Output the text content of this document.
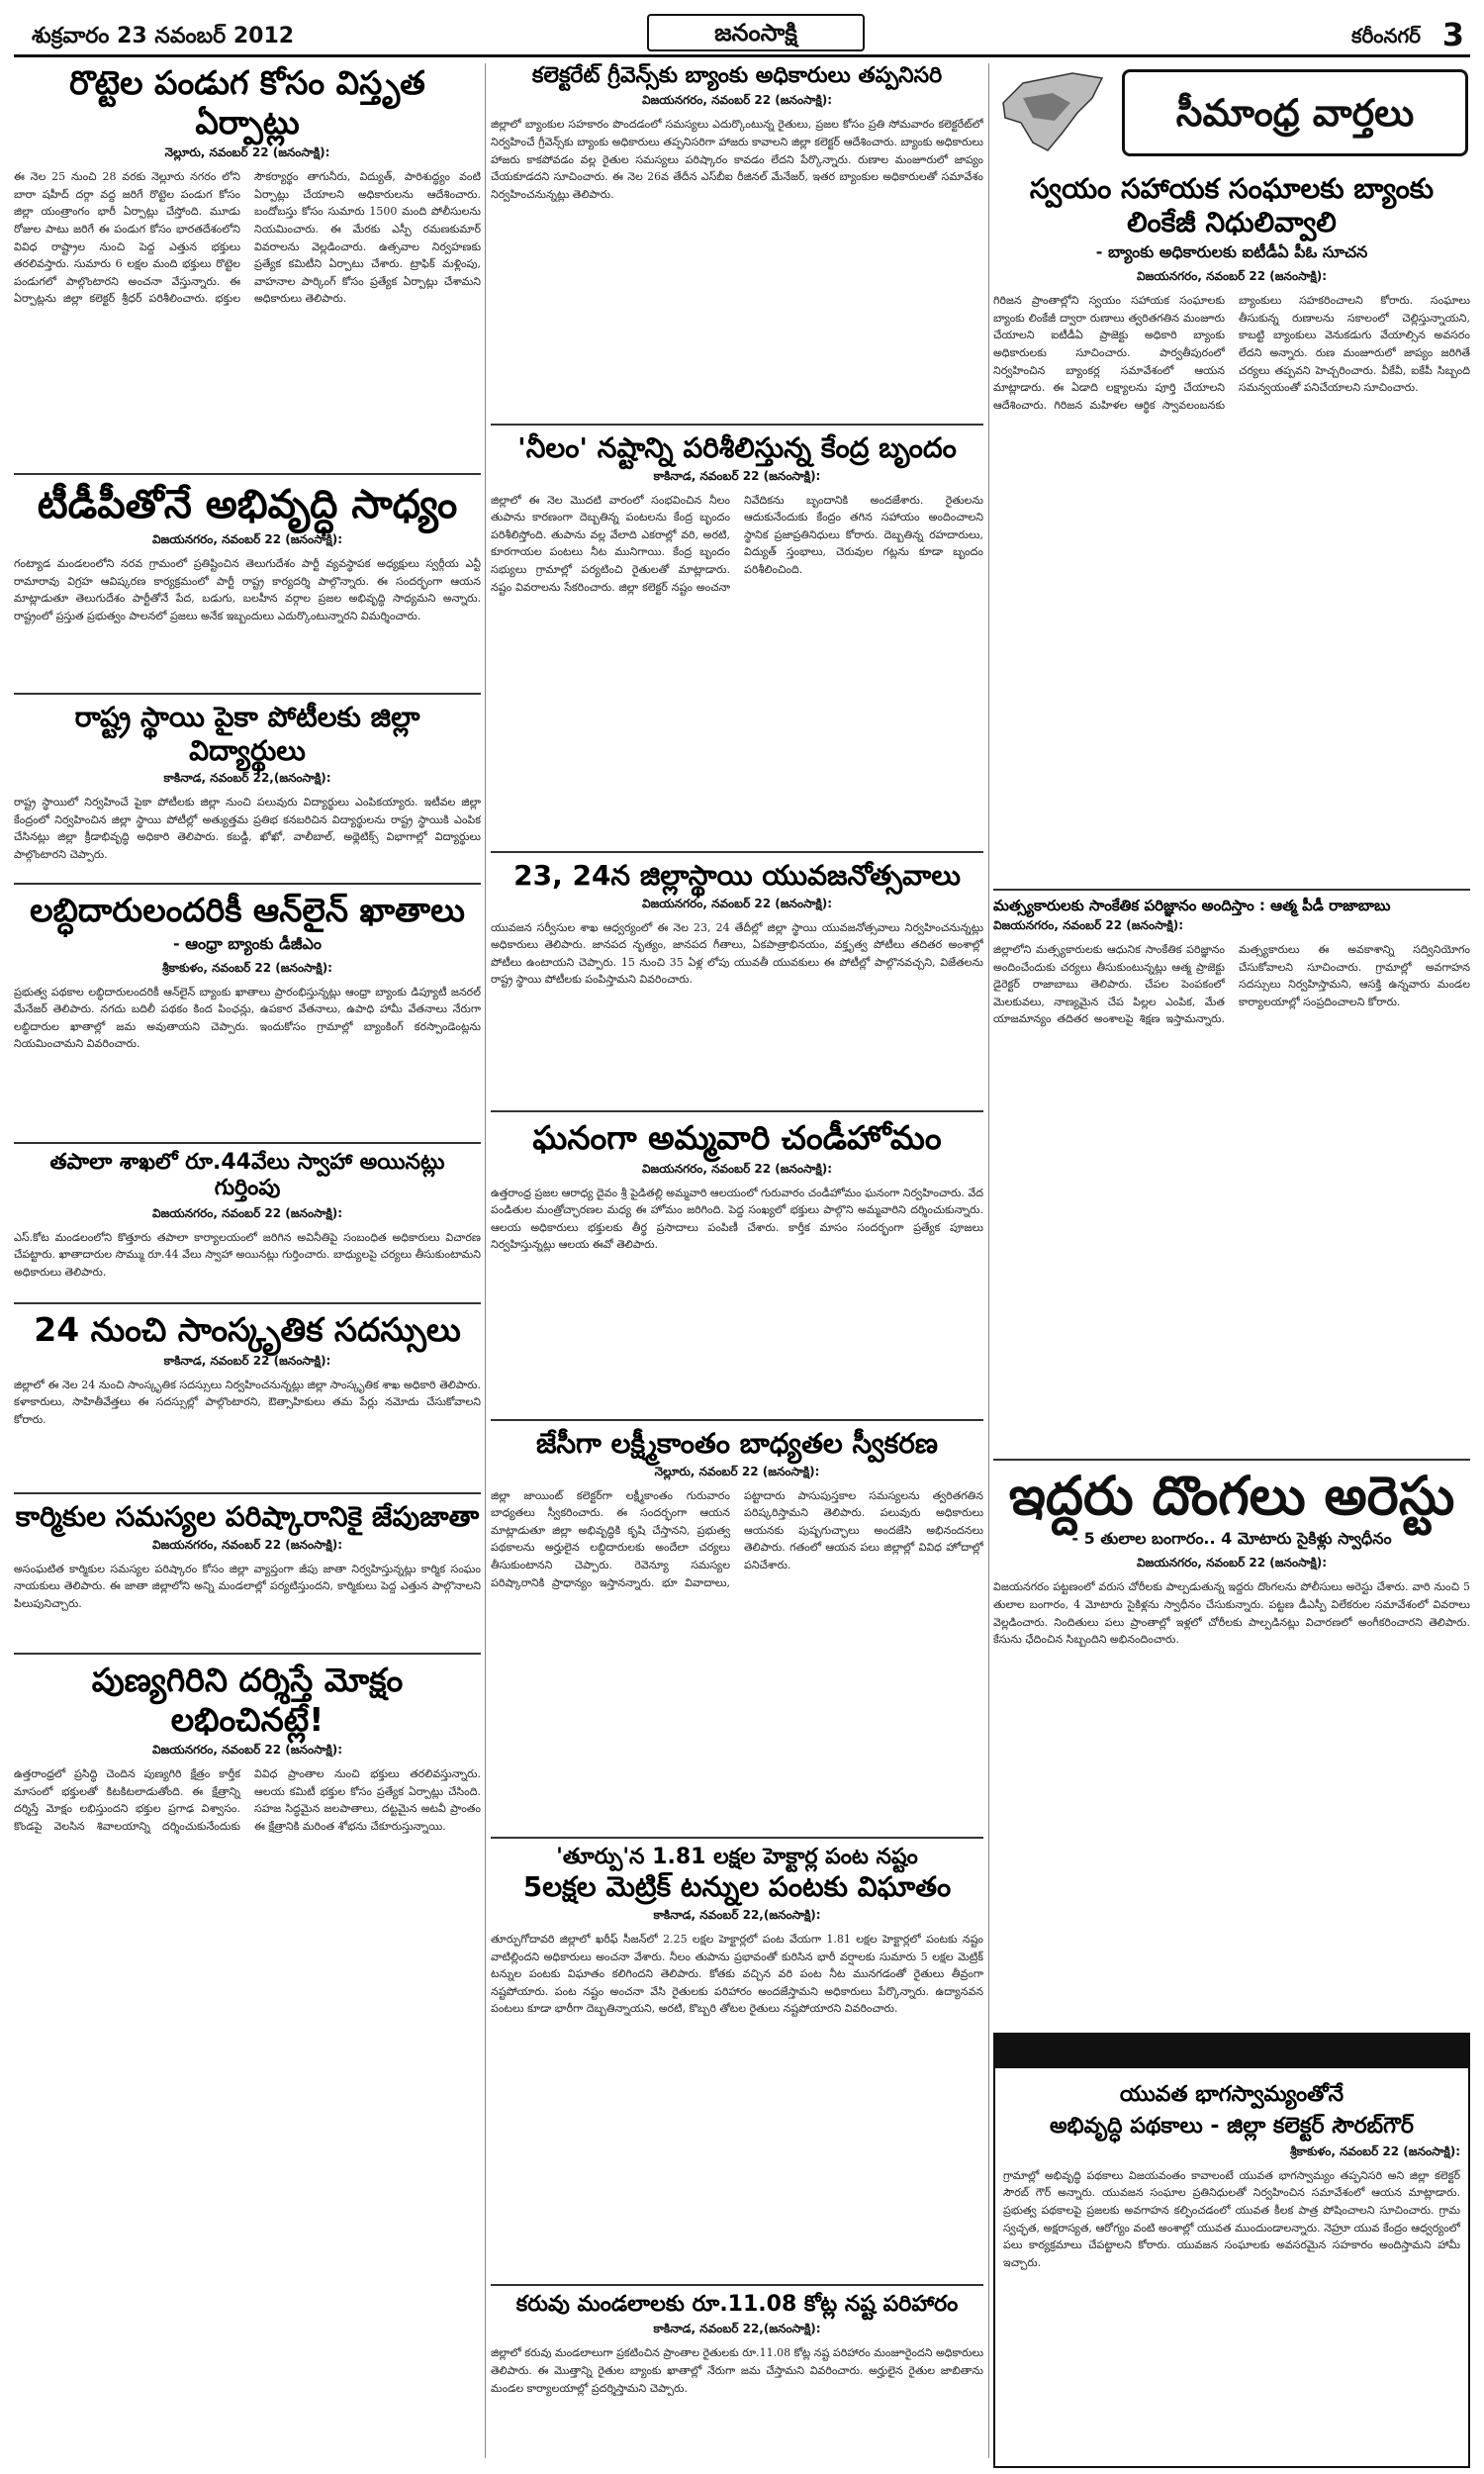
శుక్రవారం 23 నవంబర్ 2012	జనంసాక్షి	కరీంనగర్ 3
రొట్టెల పండుగ కోసం విస్తృత ఏర్పాట్లు
నెల్లూరు, నవంబర్ 22 (జనంసాక్షి):
ఈ నెల 25 నుంచి 28 వరకు నెల్లూరు నగరం లోని బారా షహీద్ దర్గా వద్ద జరిగే రొట్టెల పండుగ కోసం జిల్లా యంత్రాంగం భారీ ఏర్పాట్లు చేస్తోంది. మూడు రోజుల పాటు జరిగే ఈ పండుగ కోసం భారతదేశంలోని వివిధ రాష్ట్రాల నుంచి పెద్ద ఎత్తున భక్తులు తరలివస్తారు. సుమారు 6 లక్షల మంది భక్తులు రొట్టెల పండుగలో పాల్గొంటారని అంచనా వేస్తున్నారు. ఈ ఏర్పాట్లను జిల్లా కలెక్టర్ శ్రీధర్ పరిశీలించారు. భక్తుల సౌకర్యార్థం తాగునీరు, విద్యుత్, పారిశుద్ధ్యం వంటి ఏర్పాట్లు చేయాలని అధికారులను ఆదేశించారు. బందోబస్తు కోసం సుమారు 1500 మంది పోలీసులను నియమించారు. ఈ మేరకు ఎస్పీ రమణకుమార్ వివరాలను వెల్లడించారు. ఉత్సవాల నిర్వహణకు ప్రత్యేక కమిటీని ఏర్పాటు చేశారు. ట్రాఫిక్ మళ్లింపు, వాహనాల పార్కింగ్ కోసం ప్రత్యేక ఏర్పాట్లు చేశామని అధికారులు తెలిపారు.
టీడీపీతోనే అభివృద్ధి సాధ్యం
విజయనగరం, నవంబర్ 22 (జనంసాక్షి):
గంట్యాడ మండలంలోని నరవ గ్రామంలో ప్రతిష్టించిన తెలుగుదేశం పార్టీ వ్యవస్థాపక అధ్యక్షులు స్వర్గీయ ఎన్టీ రామారావు విగ్రహ ఆవిష్కరణ కార్యక్రమంలో పార్టీ రాష్ట్ర కార్యదర్శి పాల్గొన్నారు. ఈ సందర్భంగా ఆయన మాట్లాడుతూ తెలుగుదేశం పార్టీతోనే పేద, బడుగు, బలహీన వర్గాల ప్రజల అభివృద్ధి సాధ్యమని అన్నారు. రాష్ట్రంలో ప్రస్తుత ప్రభుత్వం పాలనలో ప్రజలు అనేక ఇబ్బందులు ఎదుర్కొంటున్నారని విమర్శించారు.
రాష్ట్ర స్థాయి పైకా పోటీలకు జిల్లా విద్యార్థులు
కాకినాడ, నవంబర్ 22,(జనంసాక్షి):
రాష్ట్ర స్థాయిలో నిర్వహించే పైకా పోటీలకు జిల్లా నుంచి పలువురు విద్యార్థులు ఎంపికయ్యారు. ఇటీవల జిల్లా కేంద్రంలో నిర్వహించిన జిల్లా స్థాయి పోటీల్లో అత్యుత్తమ ప్రతిభ కనబరిచిన విద్యార్థులను రాష్ట్ర స్థాయికి ఎంపిక చేసినట్లు జిల్లా క్రీడాభివృద్ధి అధికారి తెలిపారు. కబడ్డీ, ఖోఖో, వాలీబాల్, అథ్లెటిక్స్ విభాగాల్లో విద్యార్థులు పాల్గొంటారని చెప్పారు.
లబ్ధిదారులందరికీ ఆన్‌లైన్ ఖాతాలు
- ఆంధ్రా బ్యాంకు డీజీఎం
శ్రీకాకుళం, నవంబర్ 22 (జనంసాక్షి):
ప్రభుత్వ పథకాల లబ్ధిదారులందరికీ ఆన్‌లైన్ బ్యాంకు ఖాతాలు ప్రారంభిస్తున్నట్లు ఆంధ్రా బ్యాంకు డిప్యూటీ జనరల్ మేనేజర్ తెలిపారు. నగదు బదిలీ పథకం కింద పింఛన్లు, ఉపకార వేతనాలు, ఉపాధి హామీ వేతనాలు నేరుగా లబ్ధిదారుల ఖాతాల్లో జమ అవుతాయని చెప్పారు. ఇందుకోసం గ్రామాల్లో బ్యాంకింగ్ కరస్పాండెంట్లను నియమించామని వివరించారు.
తపాలా శాఖలో రూ.44వేలు స్వాహా అయినట్లు గుర్తింపు
విజయనగరం, నవంబర్ 22 (జనంసాక్షి):
ఎస్.కోట మండలంలోని కొత్తూరు తపాలా కార్యాలయంలో జరిగిన అవినీతిపై సంబంధిత అధికారులు విచారణ చేపట్టారు. ఖాతాదారుల సొమ్ము రూ.44 వేలు స్వాహా అయినట్లు గుర్తించారు. బాధ్యులపై చర్యలు తీసుకుంటామని అధికారులు తెలిపారు.
24 నుంచి సాంస్కృతిక సదస్సులు
కాకినాడ, నవంబర్ 22 (జనంసాక్షి):
జిల్లాలో ఈ నెల 24 నుంచి సాంస్కృతిక సదస్సులు నిర్వహించనున్నట్లు జిల్లా సాంస్కృతిక శాఖ అధికారి తెలిపారు. కళాకారులు, సాహితీవేత్తలు ఈ సదస్సుల్లో పాల్గొంటారని, ఔత్సాహికులు తమ పేర్లు నమోదు చేసుకోవాలని కోరారు.
కార్మికుల సమస్యల పరిష్కారానికై జేపుజాతా
విజయనగరం, నవంబర్ 22 (జనంసాక్షి):
అసంఘటిత కార్మికుల సమస్యల పరిష్కారం కోసం జిల్లా వ్యాప్తంగా జీపు జాతా నిర్వహిస్తున్నట్లు కార్మిక సంఘం నాయకులు తెలిపారు. ఈ జాతా జిల్లాలోని అన్ని మండలాల్లో పర్యటిస్తుందని, కార్మికులు పెద్ద ఎత్తున పాల్గొనాలని పిలుపునిచ్చారు.
పుణ్యగిరిని దర్శిస్తే మోక్షం లభించినట్లే!
విజయనగరం, నవంబర్ 22 (జనంసాక్షి):
ఉత్తరాంధ్రలో ప్రసిద్ధి చెందిన పుణ్యగిరి క్షేత్రం కార్తీక మాసంలో భక్తులతో కిటకిటలాడుతోంది. ఈ క్షేత్రాన్ని దర్శిస్తే మోక్షం లభిస్తుందని భక్తుల ప్రగాఢ విశ్వాసం. కొండపై వెలసిన శివాలయాన్ని దర్శించుకునేందుకు వివిధ ప్రాంతాల నుంచి భక్తులు తరలివస్తున్నారు. ఆలయ కమిటీ భక్తుల కోసం ప్రత్యేక ఏర్పాట్లు చేసింది. సహజ సిద్ధమైన జలపాతాలు, దట్టమైన అటవీ ప్రాంతం ఈ క్షేత్రానికి మరింత శోభను చేకూరుస్తున్నాయి.
కలెక్టరేట్ గ్రీవెన్స్‌కు బ్యాంకు అధికారులు తప్పనిసరి
విజయనగరం, నవంబర్ 22 (జనంసాక్షి):
జిల్లాలో బ్యాంకుల సహకారం పొందడంలో సమస్యలు ఎదుర్కొంటున్న రైతులు, ప్రజల కోసం ప్రతి సోమవారం కలెక్టరేట్‌లో నిర్వహించే గ్రీవెన్స్‌కు బ్యాంకు అధికారులు తప్పనిసరిగా హాజరు కావాలని జిల్లా కలెక్టర్ ఆదేశించారు. బ్యాంకు అధికారులు హాజరు కాకపోవడం వల్ల రైతుల సమస్యలు పరిష్కారం కావడం లేదని పేర్కొన్నారు. రుణాల మంజూరులో జాప్యం చేయకూడదని సూచించారు. ఈ నెల 26వ తేదీన ఎస్‌బీఐ రీజినల్ మేనేజర్, ఇతర బ్యాంకుల అధికారులతో సమావేశం నిర్వహించనున్నట్లు తెలిపారు.
'నీలం' నష్టాన్ని పరిశీలిస్తున్న కేంద్ర బృందం
కాకినాడ, నవంబర్ 22 (జనంసాక్షి):
జిల్లాలో ఈ నెల మొదటి వారంలో సంభవించిన నీలం తుపాను కారణంగా దెబ్బతిన్న పంటలను కేంద్ర బృందం పరిశీలిస్తోంది. తుపాను వల్ల వేలాది ఎకరాల్లో వరి, అరటి, కూరగాయల పంటలు నీట మునిగాయి. కేంద్ర బృందం సభ్యులు గ్రామాల్లో పర్యటించి రైతులతో మాట్లాడారు. నష్టం వివరాలను సేకరించారు. జిల్లా కలెక్టర్ నష్టం అంచనా నివేదికను బృందానికి అందజేశారు. రైతులను ఆదుకునేందుకు కేంద్రం తగిన సహాయం అందించాలని స్థానిక ప్రజాప్రతినిధులు కోరారు. దెబ్బతిన్న రహదారులు, విద్యుత్ స్తంభాలు, చెరువుల గట్లను కూడా బృందం పరిశీలించింది.
23, 24న జిల్లాస్థాయి యువజనోత్సవాలు
విజయనగరం, నవంబర్ 22 (జనంసాక్షి):
యువజన సర్వీసుల శాఖ ఆధ్వర్యంలో ఈ నెల 23, 24 తేదీల్లో జిల్లా స్థాయి యువజనోత్సవాలు నిర్వహించనున్నట్లు అధికారులు తెలిపారు. జానపద నృత్యం, జానపద గీతాలు, ఏకపాత్రాభినయం, వక్తృత్వ పోటీలు తదితర అంశాల్లో పోటీలు ఉంటాయని చెప్పారు. 15 నుంచి 35 ఏళ్ల లోపు యువతీ యువకులు ఈ పోటీల్లో పాల్గొనవచ్చని, విజేతలను రాష్ట్ర స్థాయి పోటీలకు పంపిస్తామని వివరించారు.
ఘనంగా అమ్మవారి చండీహోమం
విజయనగరం, నవంబర్ 22 (జనంసాక్షి):
ఉత్తరాంధ్ర ప్రజల ఆరాధ్య దైవం శ్రీ పైడితల్లి అమ్మవారి ఆలయంలో గురువారం చండీహోమం ఘనంగా నిర్వహించారు. వేద పండితుల మంత్రోచ్ఛారణల మధ్య ఈ హోమం జరిగింది. పెద్ద సంఖ్యలో భక్తులు పాల్గొని అమ్మవారిని దర్శించుకున్నారు. ఆలయ అధికారులు భక్తులకు తీర్థ ప్రసాదాలు పంపిణీ చేశారు. కార్తీక మాసం సందర్భంగా ప్రత్యేక పూజలు నిర్వహిస్తున్నట్లు ఆలయ ఈవో తెలిపారు.
జేసీగా లక్ష్మీకాంతం బాధ్యతల స్వీకరణ
నెల్లూరు, నవంబర్ 22 (జనంసాక్షి):
జిల్లా జాయింట్ కలెక్టర్‌గా లక్ష్మీకాంతం గురువారం బాధ్యతలు స్వీకరించారు. ఈ సందర్భంగా ఆయన మాట్లాడుతూ జిల్లా అభివృద్ధికి కృషి చేస్తానని, ప్రభుత్వ పథకాలను అర్హులైన లబ్ధిదారులకు అందేలా చర్యలు తీసుకుంటానని చెప్పారు. రెవెన్యూ సమస్యల పరిష్కారానికి ప్రాధాన్యం ఇస్తానన్నారు. భూ వివాదాలు, పట్టాదారు పాసుపుస్తకాల సమస్యలను త్వరితగతిన పరిష్కరిస్తామని తెలిపారు. పలువురు అధికారులు ఆయనకు పుష్పగుచ్ఛాలు అందజేసి అభినందనలు తెలిపారు. గతంలో ఆయన పలు జిల్లాల్లో వివిధ హోదాల్లో పనిచేశారు.
'తూర్పు'న 1.81 లక్షల హెక్టార్ల పంట నష్టం
5లక్షల మెట్రిక్ టన్నుల పంటకు విఘాతం
కాకినాడ, నవంబర్ 22,(జనంసాక్షి):
తూర్పుగోదావరి జిల్లాలో ఖరీఫ్ సీజన్‌లో 2.25 లక్షల హెక్టార్లలో పంట వేయగా 1.81 లక్షల హెక్టార్లలో పంటకు నష్టం వాటిల్లిందని అధికారులు అంచనా వేశారు. నీలం తుపాను ప్రభావంతో కురిసిన భారీ వర్షాలకు సుమారు 5 లక్షల మెట్రిక్ టన్నుల పంటకు విఘాతం కలిగిందని తెలిపారు. కోతకు వచ్చిన వరి పంట నీట మునగడంతో రైతులు తీవ్రంగా నష్టపోయారు. పంట నష్టం అంచనా వేసి రైతులకు పరిహారం అందజేస్తామని అధికారులు పేర్కొన్నారు. ఉద్యానవన పంటలు కూడా భారీగా దెబ్బతిన్నాయని, అరటి, కొబ్బరి తోటల రైతులు నష్టపోయారని వివరించారు.
కరువు మండలాలకు రూ.11.08 కోట్ల నష్ట పరిహారం
కాకినాడ, నవంబర్ 22,(జనంసాక్షి):
జిల్లాలో కరువు మండలాలుగా ప్రకటించిన ప్రాంతాల రైతులకు రూ.11.08 కోట్ల నష్ట పరిహారం మంజూరైందని అధికారులు తెలిపారు. ఈ మొత్తాన్ని రైతుల బ్యాంకు ఖాతాల్లో నేరుగా జమ చేస్తామని వివరించారు. అర్హులైన రైతుల జాబితాను మండల కార్యాలయాల్లో ప్రదర్శిస్తామని చెప్పారు.
సీమాంధ్ర వార్తలు
స్వయం సహాయక సంఘాలకు బ్యాంకు లింకేజీ నిధులివ్వాలి
- బ్యాంకు అధికారులకు ఐటీడీఏ పీఓ సూచన
విజయనగరం, నవంబర్ 22 (జనంసాక్షి):
గిరిజన ప్రాంతాల్లోని స్వయం సహాయక సంఘాలకు బ్యాంకు లింకేజీ ద్వారా రుణాలు త్వరితగతిన మంజూరు చేయాలని ఐటీడీఏ ప్రాజెక్టు అధికారి బ్యాంకు అధికారులకు సూచించారు. పార్వతీపురంలో నిర్వహించిన బ్యాంకర్ల సమావేశంలో ఆయన మాట్లాడారు. ఈ ఏడాది లక్ష్యాలను పూర్తి చేయాలని ఆదేశించారు. గిరిజన మహిళల ఆర్థిక స్వావలంబనకు బ్యాంకులు సహకరించాలని కోరారు. సంఘాలు తీసుకున్న రుణాలను సకాలంలో చెల్లిస్తున్నాయని, కాబట్టి బ్యాంకులు వెనుకడుగు వేయాల్సిన అవసరం లేదని అన్నారు. రుణ మంజూరులో జాప్యం జరిగితే చర్యలు తప్పవని హెచ్చరించారు. వీకేవీ, ఐకేపీ సిబ్బంది సమన్వయంతో పనిచేయాలని సూచించారు.
మత్స్యకారులకు సాంకేతిక పరిజ్ఞానం అందిస్తాం : ఆత్మ పీడీ రాజాబాబు
విజయనగరం, నవంబర్ 22 (జనంసాక్షి):
జిల్లాలోని మత్స్యకారులకు ఆధునిక సాంకేతిక పరిజ్ఞానం అందించేందుకు చర్యలు తీసుకుంటున్నట్లు ఆత్మ ప్రాజెక్టు డైరెక్టర్ రాజాబాబు తెలిపారు. చేపల పెంపకంలో మెలకువలు, నాణ్యమైన చేప పిల్లల ఎంపిక, మేత యాజమాన్యం తదితర అంశాలపై శిక్షణ ఇస్తామన్నారు. మత్స్యకారులు ఈ అవకాశాన్ని సద్వినియోగం చేసుకోవాలని సూచించారు. గ్రామాల్లో అవగాహన సదస్సులు నిర్వహిస్తామని, ఆసక్తి ఉన్నవారు మండల కార్యాలయాల్లో సంప్రదించాలని కోరారు.
ఇద్దరు దొంగలు అరెస్టు
- 5 తులాల బంగారం.. 4 మోటారు సైకిళ్లు స్వాధీనం
విజయనగరం, నవంబర్ 22 (జనంసాక్షి):
విజయనగరం పట్టణంలో వరుస చోరీలకు పాల్పడుతున్న ఇద్దరు దొంగలను పోలీసులు అరెస్టు చేశారు. వారి నుంచి 5 తులాల బంగారం, 4 మోటారు సైకిళ్లను స్వాధీనం చేసుకున్నారు. పట్టణ డీఎస్పీ విలేకరుల సమావేశంలో వివరాలు వెల్లడించారు. నిందితులు పలు ప్రాంతాల్లో ఇళ్లలో చోరీలకు పాల్పడినట్లు విచారణలో అంగీకరించారని తెలిపారు. కేసును ఛేదించిన సిబ్బందిని అభినందించారు.
యువత భాగస్వామ్యంతోనే
అభివృద్ధి పథకాలు - జిల్లా కలెక్టర్ సౌరబ్‌గౌర్
శ్రీకాకుళం, నవంబర్ 22 (జనంసాక్షి):
గ్రామాల్లో అభివృద్ధి పథకాలు విజయవంతం కావాలంటే యువత భాగస్వామ్యం తప్పనిసరి అని జిల్లా కలెక్టర్ సౌరబ్ గౌర్ అన్నారు. యువజన సంఘాల ప్రతినిధులతో నిర్వహించిన సమావేశంలో ఆయన మాట్లాడారు. ప్రభుత్వ పథకాలపై ప్రజలకు అవగాహన కల్పించడంలో యువత కీలక పాత్ర పోషించాలని సూచించారు. గ్రామ స్వచ్ఛత, అక్షరాస్యత, ఆరోగ్యం వంటి అంశాల్లో యువత ముందుండాలన్నారు. నెహ్రూ యువ కేంద్రం ఆధ్వర్యంలో పలు కార్యక్రమాలు చేపట్టాలని కోరారు. యువజన సంఘాలకు అవసరమైన సహకారం అందిస్తామని హామీ ఇచ్చారు.
